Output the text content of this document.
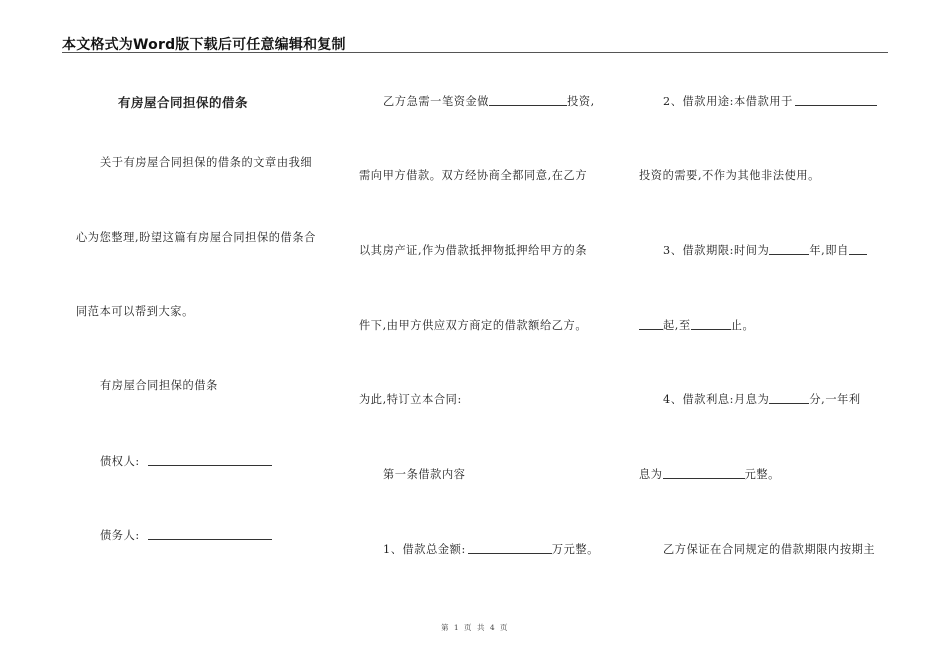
本文格式为Word版下载后可任意编辑和复制
有房屋合同担保的借条
关于有房屋合同担保的借条的文章由我细
心为您整理,盼望这篇有房屋合同担保的借条合
同范本可以帮到大家。
有房屋合同担保的借条
债权人:
债务人:
乙方急需一笔资金做	投资,
需向甲方借款。双方经协商全都同意,在乙方
以其房产证,作为借款抵押物抵押给甲方的条
件下,由甲方供应双方商定的借款额给乙方。
为此,特订立本合同:
第一条借款内容
1、借款总金额:	万元整。
2、借款用途:本借款用于
投资的需要,不作为其他非法使用。
3、借款期限:时间为	年,即自
起,至	止。
4、借款利息:月息为	分,一年利
息为	元整。
乙方保证在合同规定的借款期限内按期主
第 1 页 共 4 页
